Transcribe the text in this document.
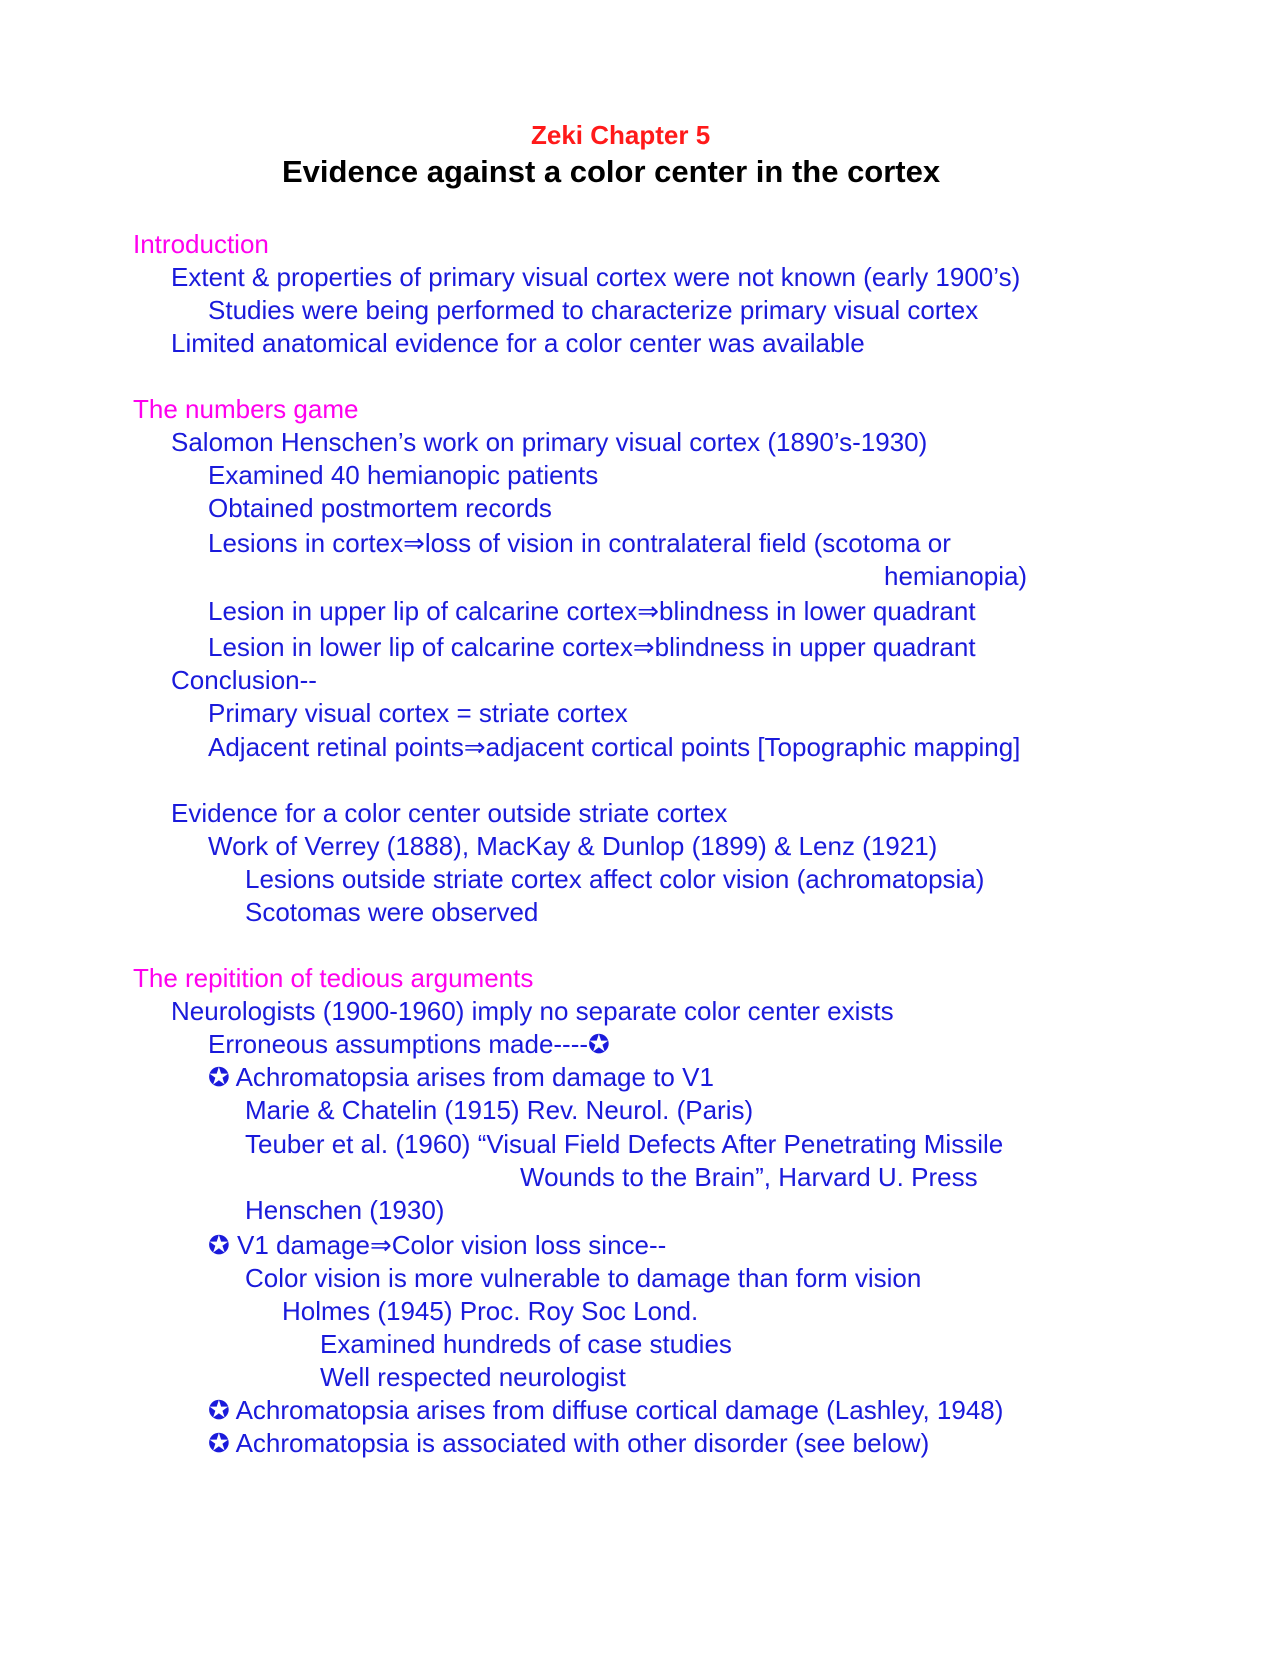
Zeki Chapter 5
Evidence against a color center in the cortex
Introduction
Extent & properties of primary visual cortex were not known (early 1900’s)
Studies were being performed to characterize primary visual cortex
Limited anatomical evidence for a color center was available
The numbers game
Salomon Henschen’s work on primary visual cortex (1890’s-1930)
Examined 40 hemianopic patients
Obtained postmortem records
Lesions in cortex⇒loss of vision in contralateral field (scotoma or
hemianopia)
Lesion in upper lip of calcarine cortex⇒blindness in lower quadrant
Lesion in lower lip of calcarine cortex⇒blindness in upper quadrant
Conclusion--
Primary visual cortex = striate cortex
Adjacent retinal points⇒adjacent cortical points [Topographic mapping]
Evidence for a color center outside striate cortex
Work of Verrey (1888), MacKay & Dunlop (1899) & Lenz (1921)
Lesions outside striate cortex affect color vision (achromatopsia)
Scotomas were observed
The repitition of tedious arguments
Neurologists (1900-1960) imply no separate color center exists
Erroneous assumptions made----✪
✪ Achromatopsia arises from damage to V1
Marie & Chatelin (1915) Rev. Neurol. (Paris)
Teuber et al. (1960) “Visual Field Defects After Penetrating Missile
Wounds to the Brain”, Harvard U. Press
Henschen (1930)
✪ V1 damage⇒Color vision loss since--
Color vision is more vulnerable to damage than form vision
Holmes (1945) Proc. Roy Soc Lond.
Examined hundreds of case studies
Well respected neurologist
✪ Achromatopsia arises from diffuse cortical damage (Lashley, 1948)
✪ Achromatopsia is associated with other disorder (see below)
